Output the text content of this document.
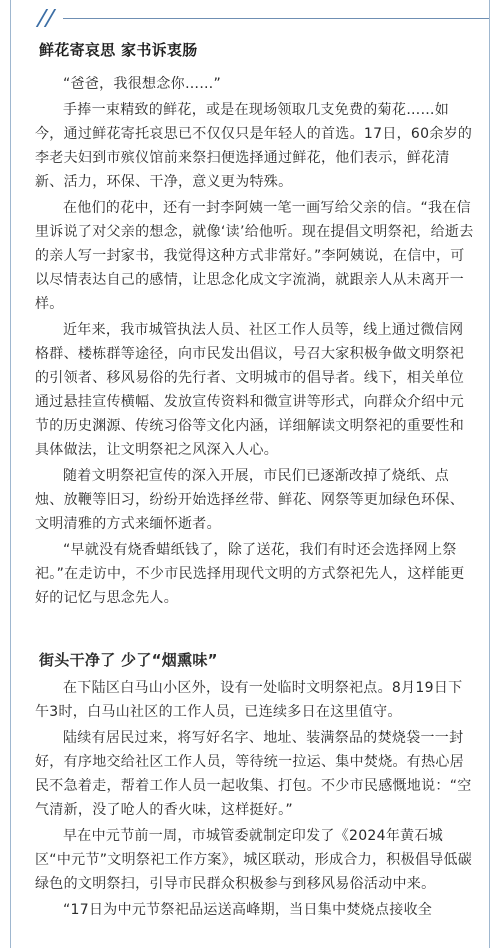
鲜花寄哀思 家书诉衷肠

“爸爸，我很想念你……”

手捧一束精致的鲜花，或是在现场领取几支免费的菊花……如今，通过鲜花寄托哀思已不仅仅只是年轻人的首选。17日，60余岁的李老夫妇到市殡仪馆前来祭扫便选择通过鲜花，他们表示，鲜花清新、活力，环保、干净，意义更为特殊。

在他们的花中，还有一封李阿姨一笔一画写给父亲的信。“我在信里诉说了对父亲的想念，就像‘读’给他听。现在提倡文明祭祀，给逝去的亲人写一封家书，我觉得这种方式非常好。”李阿姨说，在信中，可以尽情表达自己的感情，让思念化成文字流淌，就跟亲人从未离开一样。

近年来，我市城管执法人员、社区工作人员等，线上通过微信网格群、楼栋群等途径，向市民发出倡议，号召大家积极争做文明祭祀的引领者、移风易俗的先行者、文明城市的倡导者。线下，相关单位通过悬挂宣传横幅、发放宣传资料和微宣讲等形式，向群众介绍中元节的历史渊源、传统习俗等文化内涵，详细解读文明祭祀的重要性和具体做法，让文明祭祀之风深入人心。

随着文明祭祀宣传的深入开展，市民们已逐渐改掉了烧纸、点烛、放鞭等旧习，纷纷开始选择丝带、鲜花、网祭等更加绿色环保、文明清雅的方式来缅怀逝者。

“早就没有烧香蜡纸钱了，除了送花，我们有时还会选择网上祭祀。”在走访中，不少市民选择用现代文明的方式祭祀先人，这样能更好的记忆与思念先人。

街头干净了 少了“烟熏味”

在下陆区白马山小区外，设有一处临时文明祭祀点。8月19日下午3时，白马山社区的工作人员，已连续多日在这里值守。

陆续有居民过来，将写好名字、地址、装满祭品的焚烧袋一一封好，有序地交给社区工作人员，等待统一拉运、集中焚烧。有热心居民不急着走，帮着工作人员一起收集、打包。不少市民感慨地说：“空气清新，没了呛人的香火味，这样挺好。”

早在中元节前一周，市城管委就制定印发了《2024年黄石城区“中元节”文明祭祀工作方案》，城区联动，形成合力，积极倡导低碳绿色的文明祭扫，引导市民群众积极参与到移风易俗活动中来。

“17日为中元节祭祀品运送高峰期，当日集中焚烧点接收全
